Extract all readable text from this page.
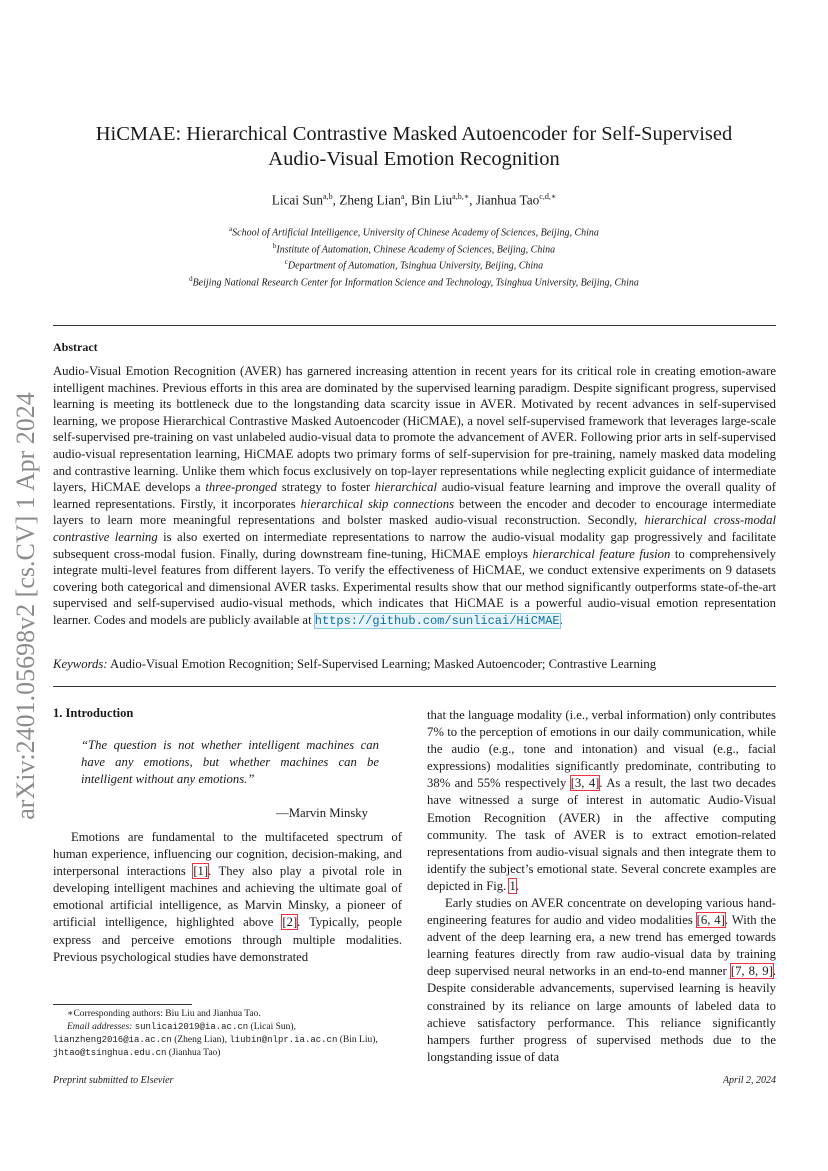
arXiv:2401.05698v2 [cs.CV] 1 Apr 2024
HiCMAE: Hierarchical Contrastive Masked Autoencoder for Self-Supervised
Audio-Visual Emotion Recognition
Licai Sun$^{a,b}$, Zheng Lian$^a$, Bin Liu$^{a,b,∗}$, Jianhua Tao$^{c,d,∗}$
$^a$School of Artificial Intelligence, University of Chinese Academy of Sciences, Beijing, China
$^b$Institute of Automation, Chinese Academy of Sciences, Beijing, China
$^c$Department of Automation, Tsinghua University, Beijing, China
$^d$Beijing National Research Center for Information Science and Technology, Tsinghua University, Beijing, China
Abstract
Audio-Visual Emotion Recognition (AVER) has garnered increasing attention in recent years for its critical role in creating emotion-aware intelligent machines. Previous efforts in this area are dominated by the supervised learning paradigm. Despite significant progress, supervised learning is meeting its bottleneck due to the longstanding data scarcity issue in AVER. Motivated by recent advances in self-supervised learning, we propose Hierarchical Contrastive Masked Autoencoder (HiCMAE), a novel self-supervised framework that leverages large-scale self-supervised pre-training on vast unlabeled audio-visual data to promote the advancement of AVER. Following prior arts in self-supervised audio-visual representation learning, HiCMAE adopts two primary forms of self-supervision for pre-training, namely masked data modeling and contrastive learning. Unlike them which focus exclusively on top-layer representations while neglecting explicit guidance of intermediate layers, HiCMAE develops a three-pronged strategy to foster hierarchical audio-visual feature learning and improve the overall quality of learned representations. Firstly, it incorporates hierarchical skip connections between the encoder and decoder to encourage intermediate layers to learn more meaningful representations and bolster masked audio-visual reconstruction. Secondly, hierarchical cross-modal contrastive learning is also exerted on intermediate representations to narrow the audio-visual modality gap progressively and facilitate subsequent cross-modal fusion. Finally, during downstream fine-tuning, HiCMAE employs hierarchical feature fusion to comprehensively integrate multi-level features from different layers. To verify the effectiveness of HiCMAE, we conduct extensive experiments on 9 datasets covering both categorical and dimensional AVER tasks. Experimental results show that our method significantly outperforms state-of-the-art supervised and self-supervised audio-visual methods, which indicates that HiCMAE is a powerful audio-visual emotion representation learner. Codes and models are publicly available at https://github.com/sunlicai/HiCMAE.
Keywords: Audio-Visual Emotion Recognition; Self-Supervised Learning; Masked Autoencoder; Contrastive Learning
1. Introduction
“The question is not whether intelligent machines can have any emotions, but whether machines can be intelligent without any emotions.”
—Marvin Minsky

Emotions are fundamental to the multifaceted spectrum of human experience, influencing our cognition, decision-making, and interpersonal interactions [1]. They also play a pivotal role in developing intelligent machines and achieving the ultimate goal of emotional artificial intelligence, as Marvin Minsky, a pioneer of artificial intelligence, highlighted above [2]. Typically, people express and perceive emotions through multiple modalities. Previous psychological studies have demonstrated

that the language modality (i.e., verbal information) only contributes 7% to the perception of emotions in our daily communication, while the audio (e.g., tone and intonation) and visual (e.g., facial expressions) modalities significantly predominate, contributing to 38% and 55% respectively [3, 4]. As a result, the last two decades have witnessed a surge of interest in automatic Audio-Visual Emotion Recognition (AVER) in the affective computing community. The task of AVER is to extract emotion-related representations from audio-visual signals and then integrate them to identify the subject’s emotional state. Several concrete examples are depicted in Fig. 1.

Early studies on AVER concentrate on developing various hand-engineering features for audio and video modalities [6, 4]. With the advent of the deep learning era, a new trend has emerged towards learning features directly from raw audio-visual data by training deep supervised neural networks in an end-to-end manner [7, 8, 9]. Despite considerable advancements, supervised learning is heavily constrained by its reliance on large amounts of labeled data to achieve satisfactory performance. This reliance significantly hampers further progress of supervised methods due to the longstanding issue of data

∗Corresponding authors: Biu Liu and Jianhua Tao.
Email addresses: sunlicai2019@ia.ac.cn (Licai Sun), lianzheng2016@ia.ac.cn (Zheng Lian), liubin@nlpr.ia.ac.cn (Bin Liu), jhtao@tsinghua.edu.cn (Jianhua Tao)
Preprint submitted to Elsevier	April 2, 2024
